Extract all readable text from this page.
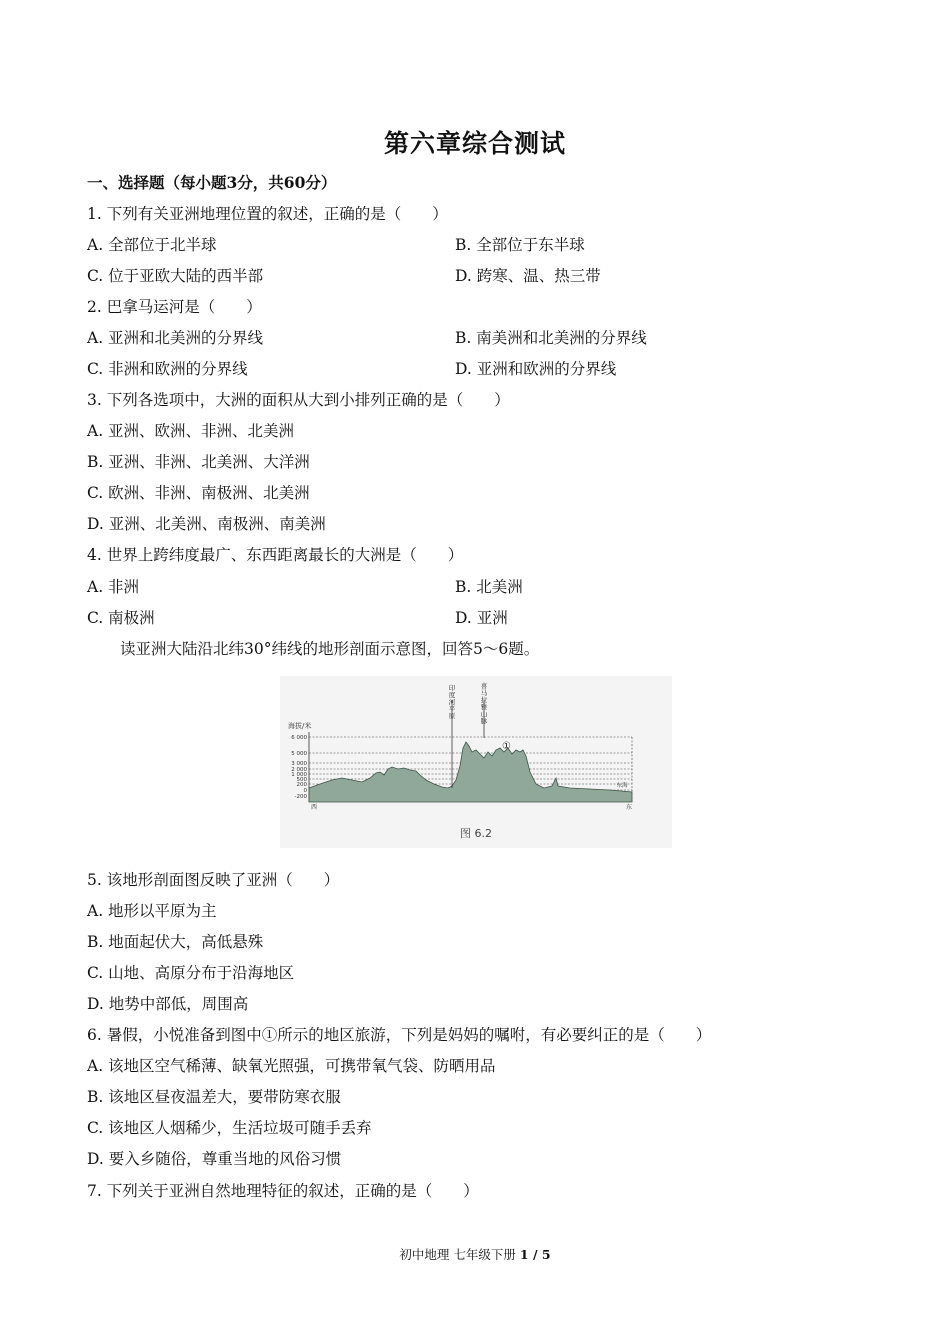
第六章综合测试
一、选择题（每小题3分，共60分）
1. 下列有关亚洲地理位置的叙述，正确的是（　　）
A. 全部位于北半球	B. 全部位于东半球
C. 位于亚欧大陆的西半部	D. 跨寒、温、热三带
2. 巴拿马运河是（　　）
A. 亚洲和北美洲的分界线	B. 南美洲和北美洲的分界线
C. 非洲和欧洲的分界线	D. 亚洲和欧洲的分界线
3. 下列各选项中，大洲的面积从大到小排列正确的是（　　）
A. 亚洲、欧洲、非洲、北美洲
B. 亚洲、非洲、北美洲、大洋洲
C. 欧洲、非洲、南极洲、北美洲
D. 亚洲、北美洲、南极洲、南美洲
4. 世界上跨纬度最广、东西距离最长的大洲是（　　）
A. 非洲	B. 北美洲
C. 南极洲	D. 亚洲
读亚洲大陆沿北纬30°纬线的地形剖面示意图，回答5～6题。
海拔/米
6 000
5 000
3 000
2 000
1 000
500
200
0
-200
印度河平原
喜马拉雅山脉
①
东海
西	东
图 6.2
5. 该地形剖面图反映了亚洲（　　）
A. 地形以平原为主
B. 地面起伏大，高低悬殊
C. 山地、高原分布于沿海地区
D. 地势中部低，周围高
6. 暑假，小悦准备到图中①所示的地区旅游，下列是妈妈的嘱咐，有必要纠正的是（　　）
A. 该地区空气稀薄、缺氧光照强，可携带氧气袋、防晒用品
B. 该地区昼夜温差大，要带防寒衣服
C. 该地区人烟稀少，生活垃圾可随手丢弃
D. 要入乡随俗，尊重当地的风俗习惯
7. 下列关于亚洲自然地理特征的叙述，正确的是（　　）
初中地理 七年级下册 1 / 5
